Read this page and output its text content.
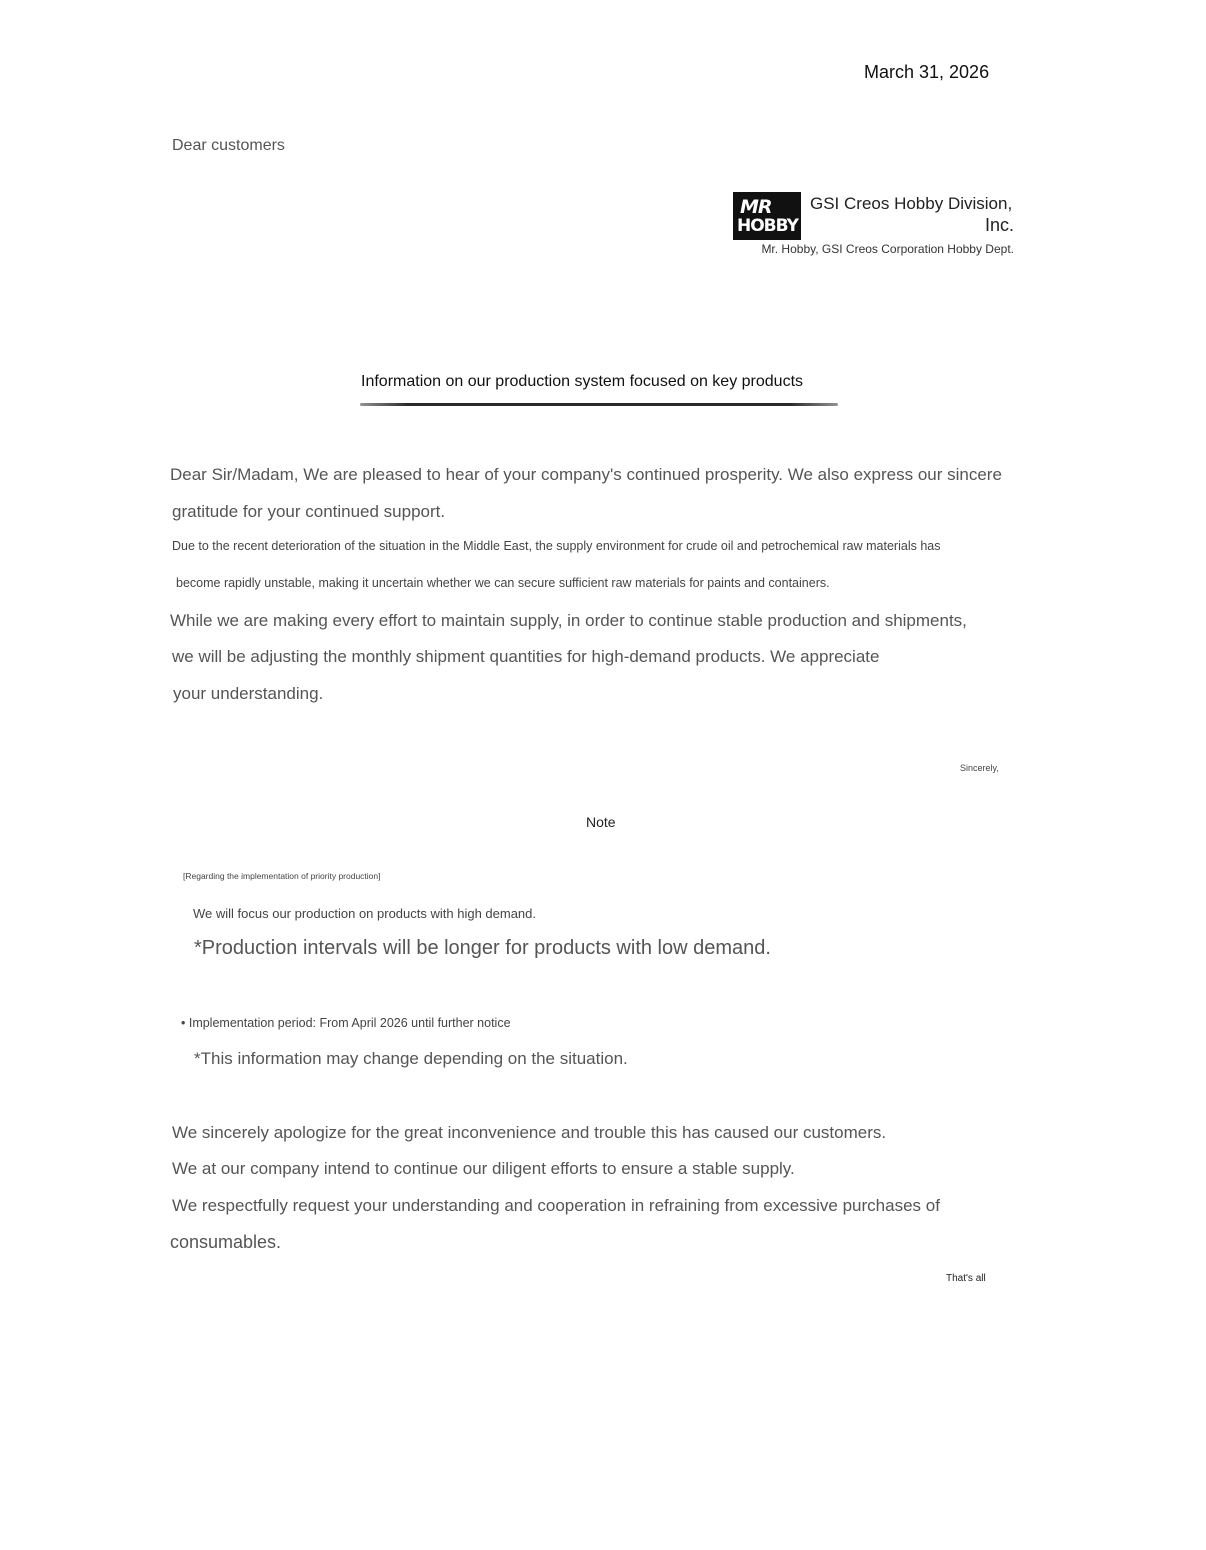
March 31, 2026
Dear customers
MR
HOBBY
GSI Creos Hobby Division,
Inc.
Mr. Hobby, GSI Creos Corporation Hobby Dept.
Information on our production system focused on key products
Dear Sir/Madam, We are pleased to hear of your company's continued prosperity. We also express our sincere
gratitude for your continued support.
Due to the recent deterioration of the situation in the Middle East, the supply environment for crude oil and petrochemical raw materials has
become rapidly unstable, making it uncertain whether we can secure sufficient raw materials for paints and containers.
While we are making every effort to maintain supply, in order to continue stable production and shipments,
we will be adjusting the monthly shipment quantities for high-demand products. We appreciate
your understanding.
Sincerely,
Note
[Regarding the implementation of priority production]
We will focus our production on products with high demand.
*Production intervals will be longer for products with low demand.
• Implementation period: From April 2026 until further notice
*This information may change depending on the situation.
We sincerely apologize for the great inconvenience and trouble this has caused our customers.
We at our company intend to continue our diligent efforts to ensure a stable supply.
We respectfully request your understanding and cooperation in refraining from excessive purchases of
consumables.
That's all
